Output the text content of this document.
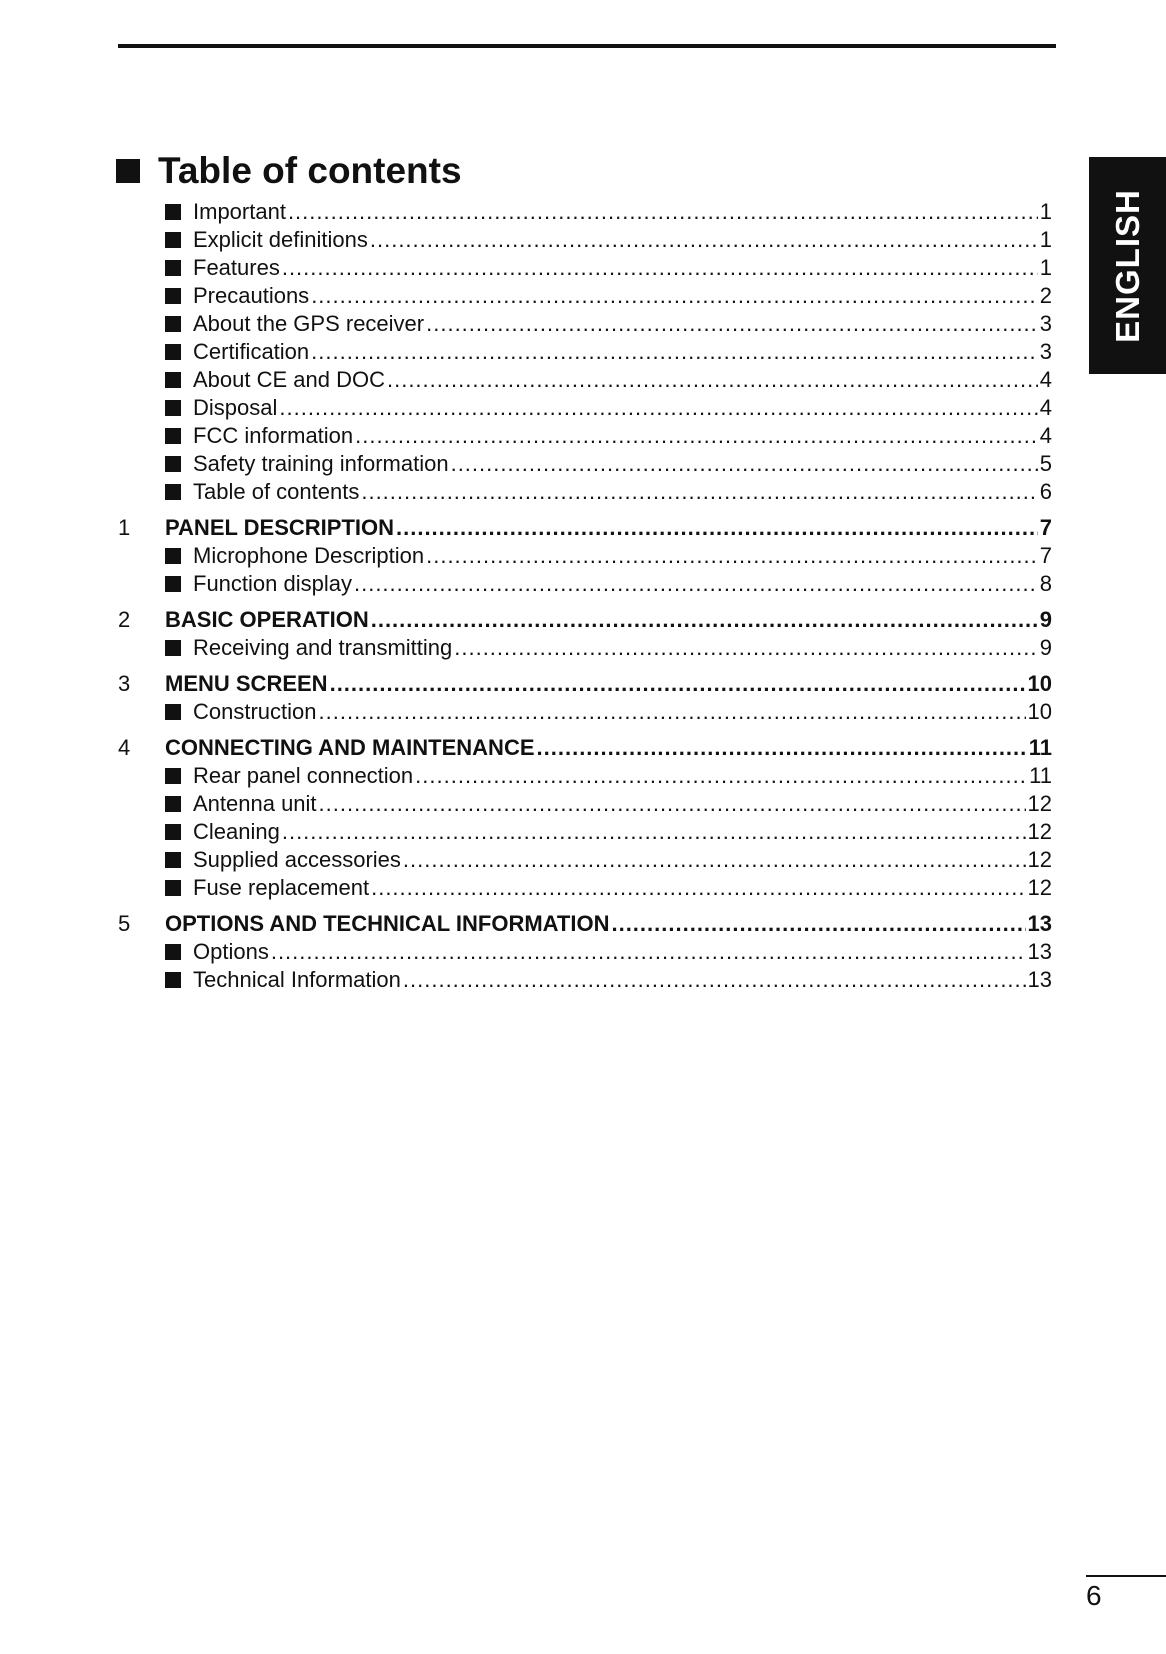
ENGLISH
Table of contents
Important .....	1
Explicit definitions .....	1
Features .....	1
Precautions .....	2
About the GPS receiver .....	3
Certification .....	3
About CE and DOC .....	4
Disposal .....	4
FCC information .....	4
Safety training information .....	5
Table of contents .....	6
1	PANEL DESCRIPTION .....	7
Microphone Description .....	7
Function display .....	8
2	BASIC OPERATION .....	9
Receiving and transmitting .....	9
3	MENU SCREEN .....	10
Construction .....	10
4	CONNECTING AND MAINTENANCE .....	11
Rear panel connection .....	11
Antenna unit .....	12
Cleaning .....	12
Supplied accessories .....	12
Fuse replacement .....	12
5	OPTIONS AND TECHNICAL INFORMATION .....	13
Options .....	13
Technical Information .....	13
6
